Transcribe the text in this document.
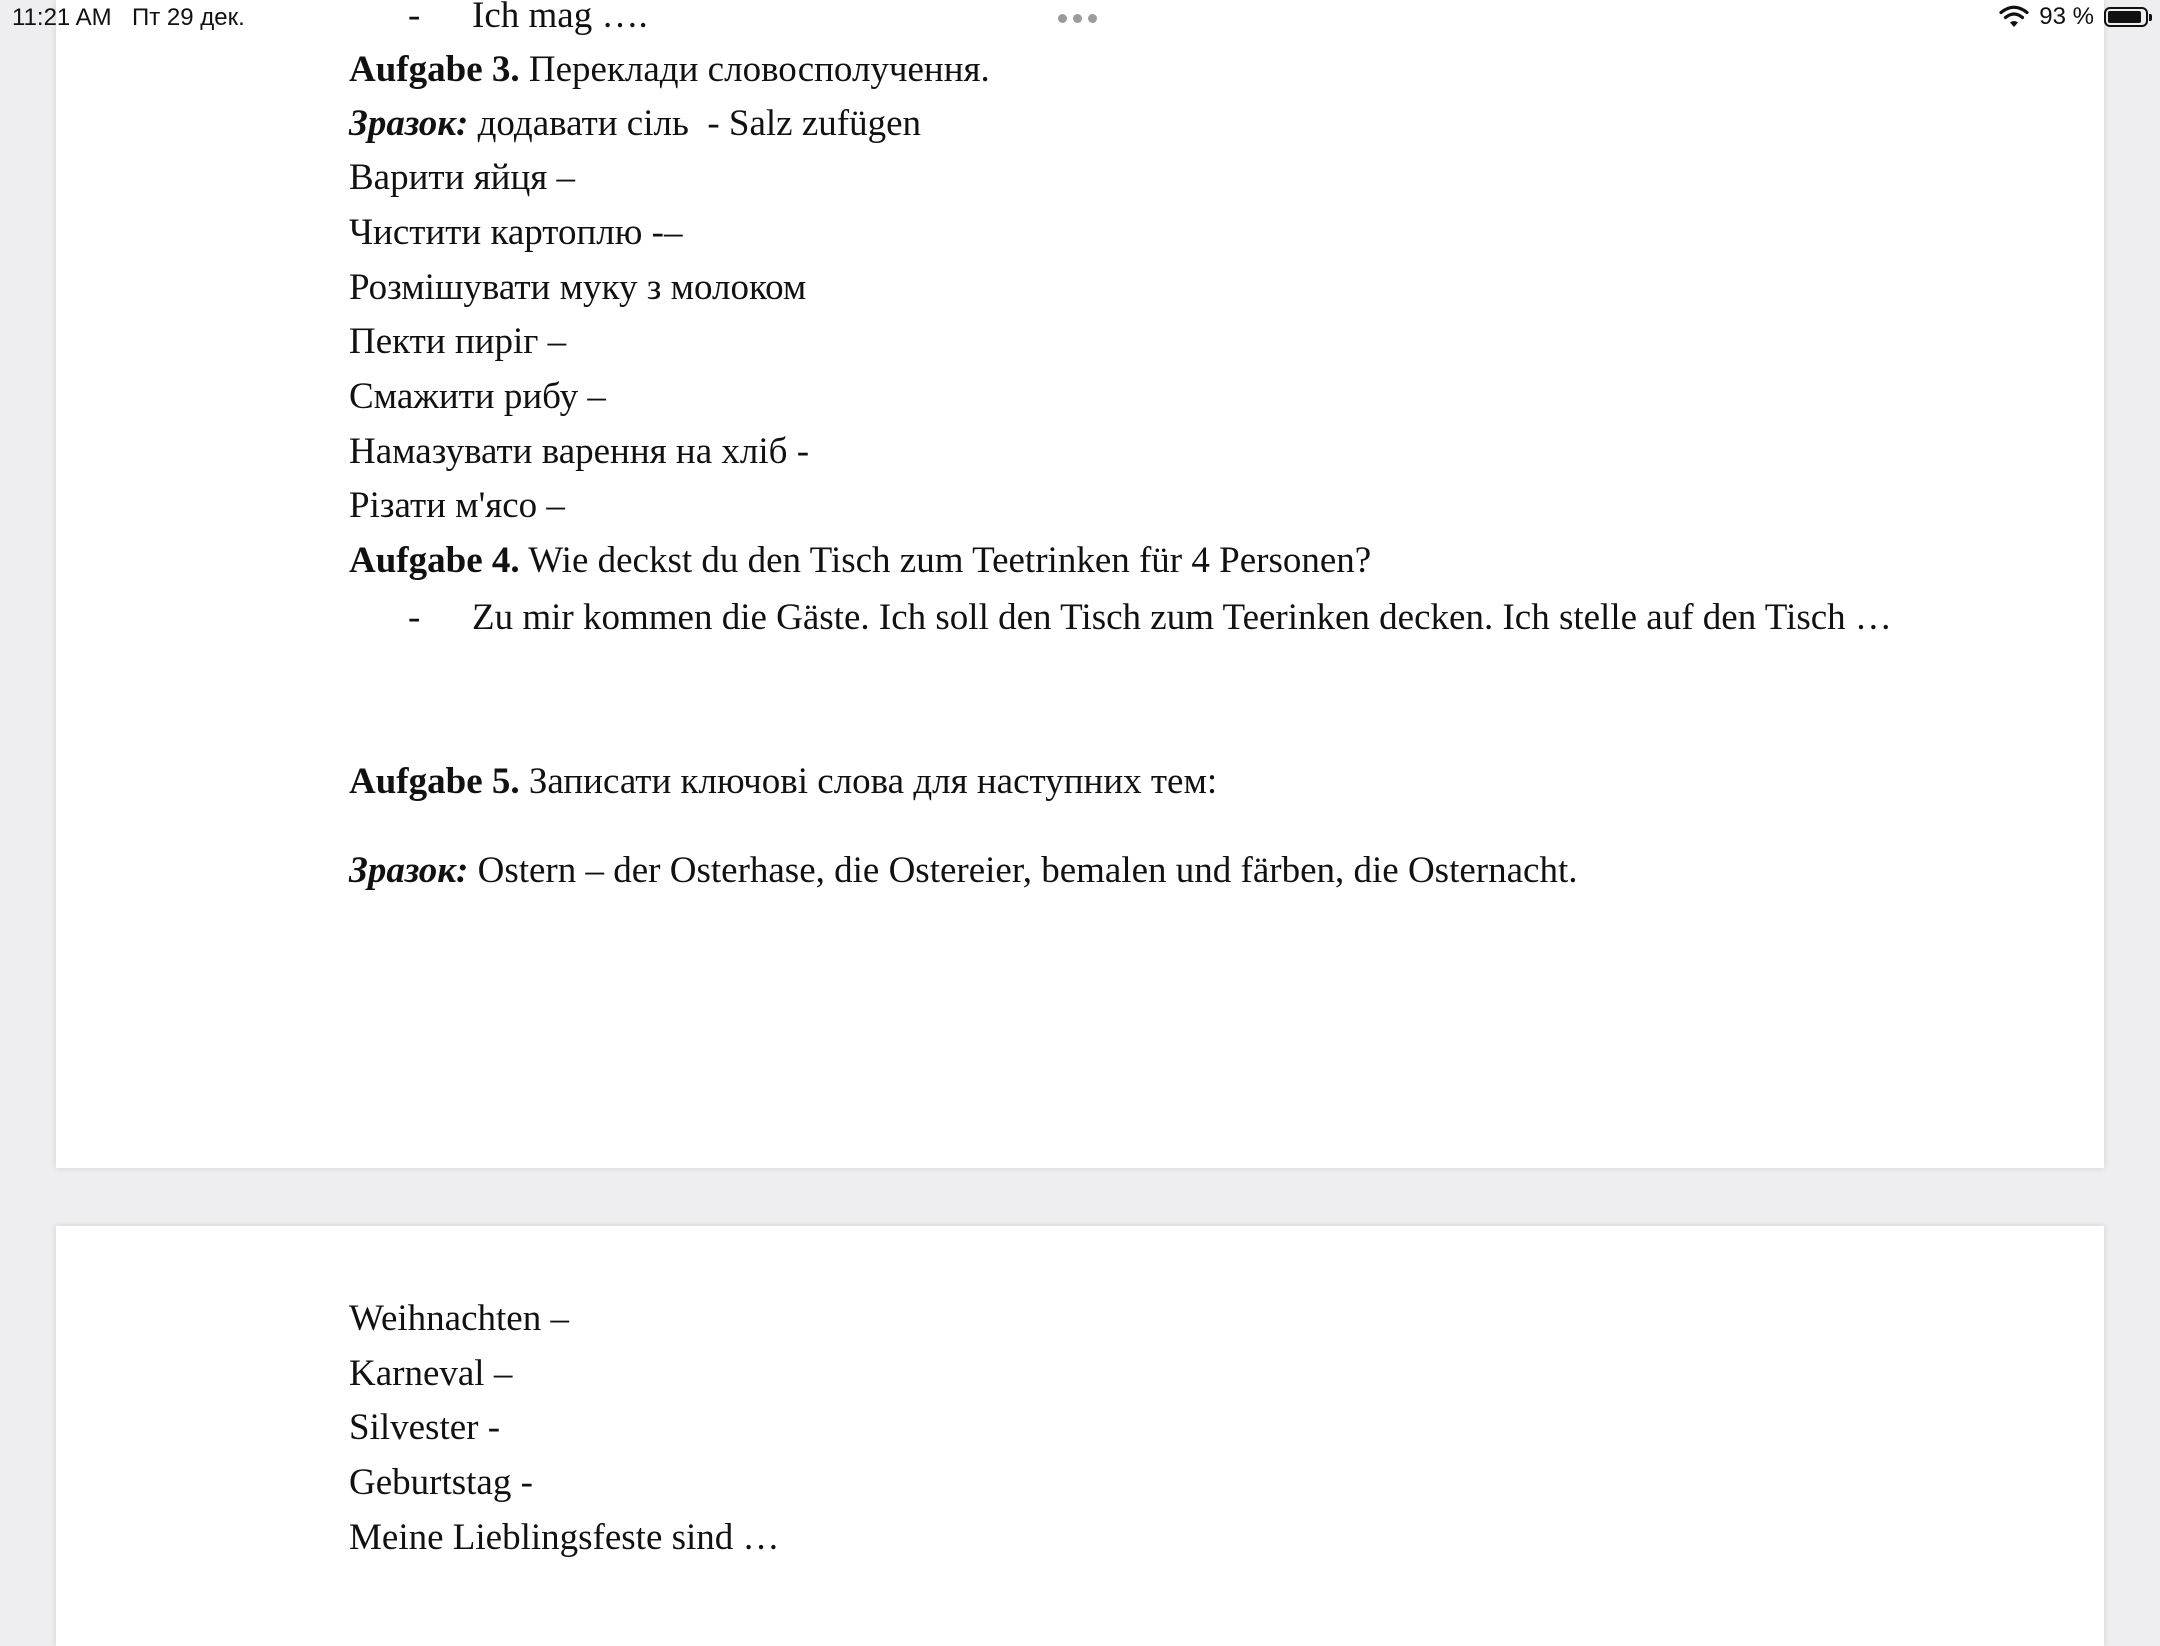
11:21 AM Пт 29 дек.	93 %
- Ich mag ….
Aufgabe 3. Переклади словосполучення.
Зразок: додавати сіль  - Salz zufügen
Варити яйця –
Чистити картоплю -–
Розмішувати муку з молоком
Пекти пиріг –
Смажити рибу –
Намазувати варення на хліб -
Різати м'ясо –
Aufgabe 4. Wie deckst du den Tisch zum Teetrinken für 4 Personen?
- Zu mir kommen die Gäste. Ich soll den Tisch zum Teerinken decken. Ich stelle auf den Tisch …
Aufgabe 5. Записати ключові слова для наступних тем:
Зразок: Ostern – der Osterhase, die Ostereier, bemalen und färben, die Osternacht.
Weihnachten –
Karneval –
Silvester -
Geburtstag -
Meine Lieblingsfeste sind …
